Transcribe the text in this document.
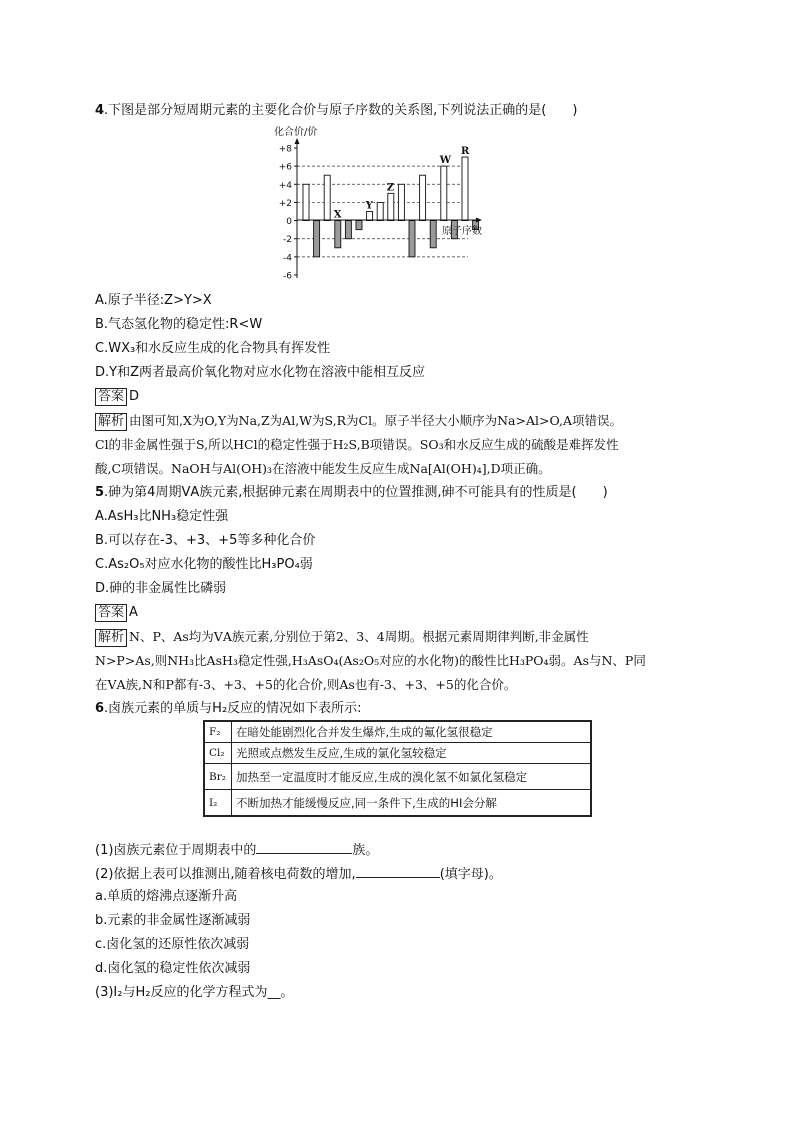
4.下图是部分短周期元素的主要化合价与原子序数的关系图,下列说法正确的是(　　)
化合价/价
+8
+6
+4
+2
0
-2
-4
-6
X
Y
Z
W
R
原子序数
A.原子半径:Z>Y>X
B.气态氢化物的稳定性:R<W
C.WX₃和水反应生成的化合物具有挥发性
D.Y和Z两者最高价氧化物对应水化物在溶液中能相互反应
答案 D
解析 由图可知,X为O,Y为Na,Z为Al,W为S,R为Cl。原子半径大小顺序为Na>Al>O,A项错误。
Cl的非金属性强于S,所以HCl的稳定性强于H₂S,B项错误。SO₃和水反应生成的硫酸是难挥发性
酸,C项错误。NaOH与Al(OH)₃在溶液中能发生反应生成Na[Al(OH)₄],D项正确。
5.砷为第4周期ⅤA族元素,根据砷元素在周期表中的位置推测,砷不可能具有的性质是(　　)
A.AsH₃比NH₃稳定性强
B.可以存在-3、+3、+5等多种化合价
C.As₂O₅对应水化物的酸性比H₃PO₄弱
D.砷的非金属性比磷弱
答案 A
解析 N、P、As均为ⅤA族元素,分别位于第2、3、4周期。根据元素周期律判断,非金属性
N>P>As,则NH₃比AsH₃稳定性强,H₃AsO₄(As₂O₅对应的水化物)的酸性比H₃PO₄弱。As与N、P同
在ⅤA族,N和P都有-3、+3、+5的化合价,则As也有-3、+3、+5的化合价。
6.卤族元素的单质与H₂反应的情况如下表所示:
F₂	在暗处能剧烈化合并发生爆炸,生成的氟化氢很稳定
Cl₂	光照或点燃发生反应,生成的氯化氢较稳定
Br₂	加热至一定温度时才能反应,生成的溴化氢不如氯化氢稳定
I₂	不断加热才能缓慢反应,同一条件下,生成的HI会分解
(1)卤族元素位于周期表中的	族。
(2)依据上表可以推测出,随着核电荷数的增加,	(填字母)。
a.单质的熔沸点逐渐升高
b.元素的非金属性逐渐减弱
c.卤化氢的还原性依次减弱
d.卤化氢的稳定性依次减弱
(3)I₂与H₂反应的化学方程式为__。
